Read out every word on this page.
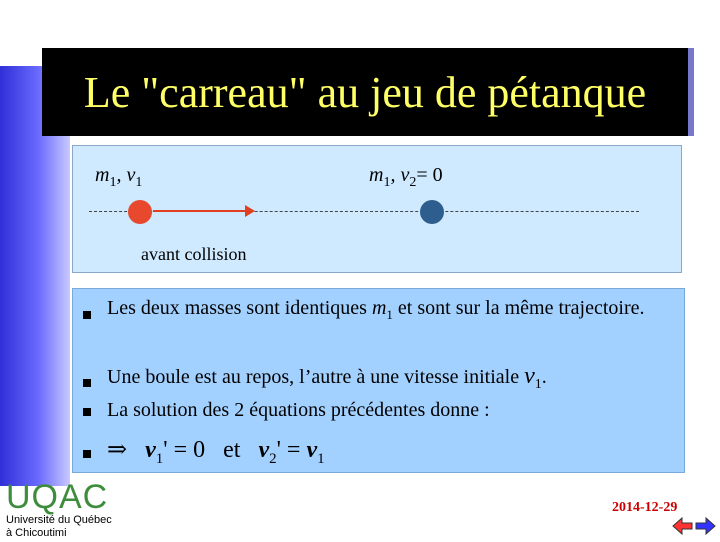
Le "carreau" au jeu de pétanque
$m_1$, $v_1$	$m_1$, $v_2= 0$
avant collision
Les deux masses sont identiques $m_1$ et sont sur la même trajectoire.
Une boule est au repos, l’autre à une vitesse initiale $v_1$.
La solution des 2 équations précédentes donne :
⇒ $v_1' = 0$ et $v_2' = v_1$
UQAC
Université du Québec
à Chicoutimi
2014-12-29
